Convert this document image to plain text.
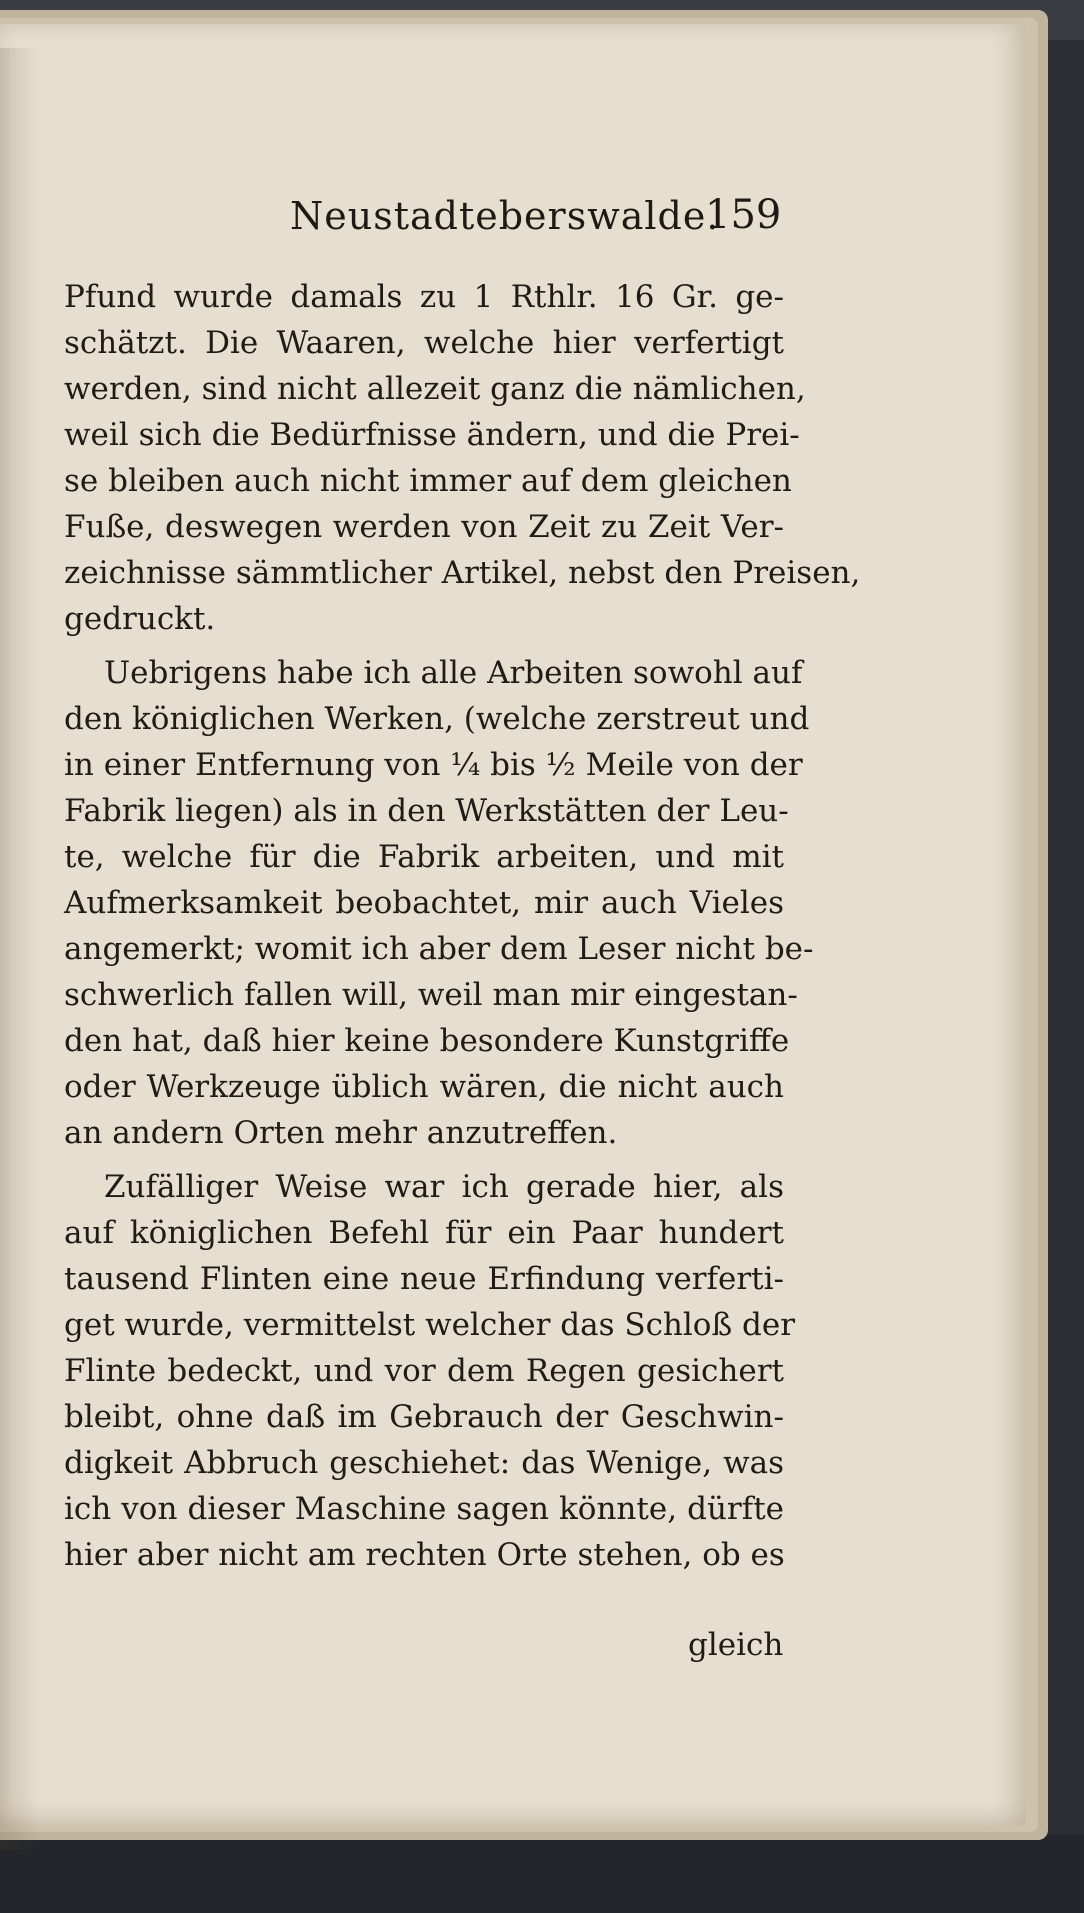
Neustadteberswalde.
159

Pfund wurde damals zu 1 Rthlr. 16 Gr. ge-
schätzt. Die Waaren, welche hier verfertigt
werden, sind nicht allezeit ganz die nämlichen,
weil sich die Bedürfnisse ändern, und die Prei-
se bleiben auch nicht immer auf dem gleichen
Fuße, deswegen werden von Zeit zu Zeit Ver-
zeichnisse sämmtlicher Artikel, nebst den Preisen,
gedruckt.

Uebrigens habe ich alle Arbeiten sowohl auf
den königlichen Werken, (welche zerstreut und
in einer Entfernung von ¼ bis ½ Meile von der
Fabrik liegen) als in den Werkstätten der Leu-
te, welche für die Fabrik arbeiten, und mit
Aufmerksamkeit beobachtet, mir auch Vieles
angemerkt; womit ich aber dem Leser nicht be-
schwerlich fallen will, weil man mir eingestan-
den hat, daß hier keine besondere Kunstgriffe
oder Werkzeuge üblich wären, die nicht auch
an andern Orten mehr anzutreffen.

Zufälliger Weise war ich gerade hier, als
auf königlichen Befehl für ein Paar hundert
tausend Flinten eine neue Erfindung verferti-
get wurde, vermittelst welcher das Schloß der
Flinte bedeckt, und vor dem Regen gesichert
bleibt, ohne daß im Gebrauch der Geschwin-
digkeit Abbruch geschiehet: das Wenige, was
ich von dieser Maschine sagen könnte, dürfte
hier aber nicht am rechten Orte stehen, ob es

gleich
